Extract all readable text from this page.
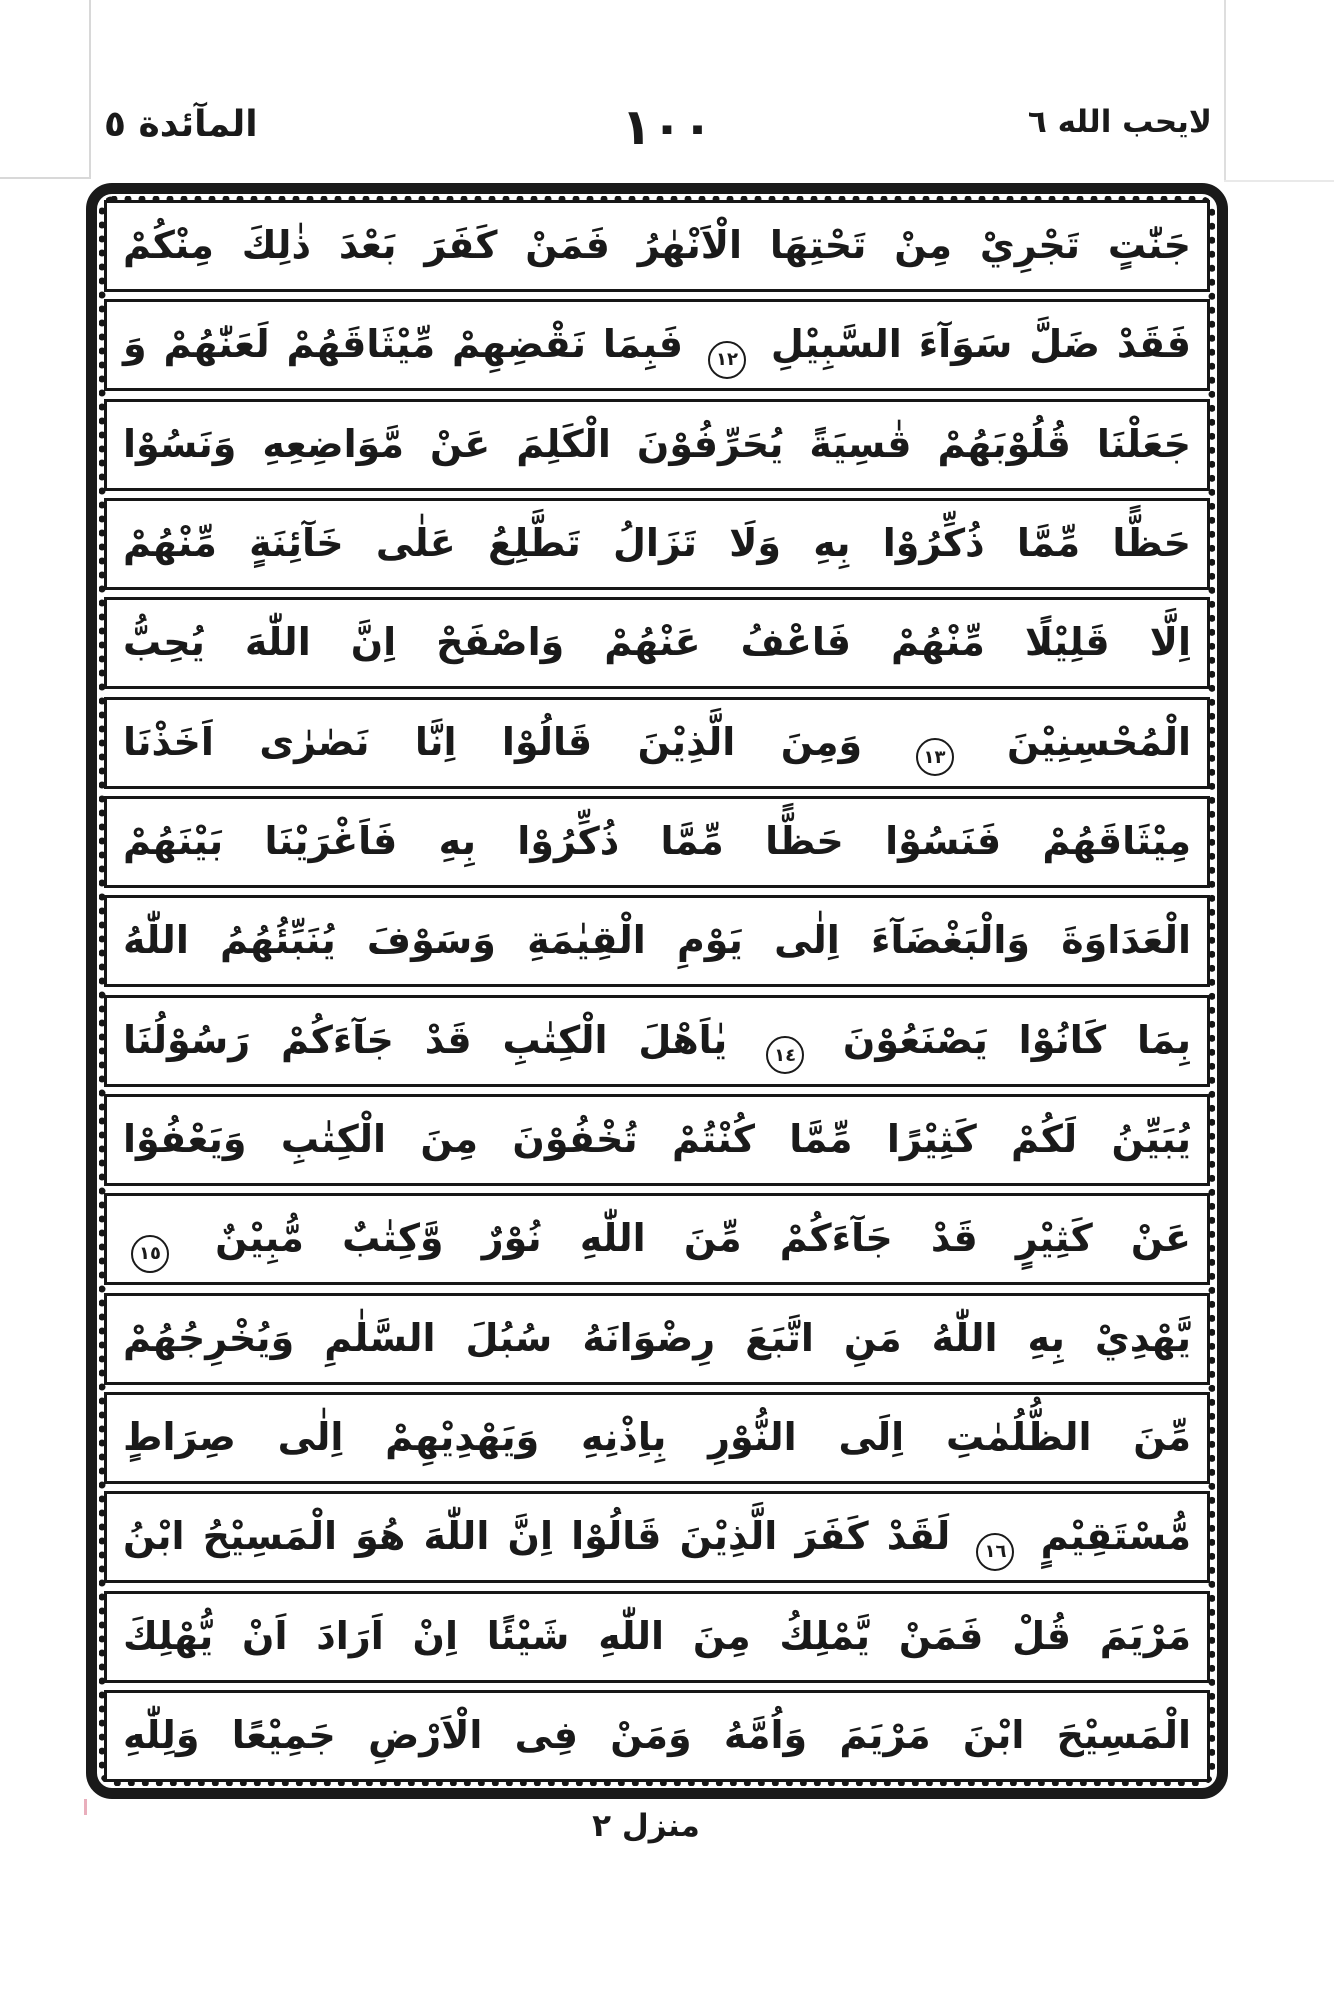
المآئدة ٥	١٠٠	لايحب الله ٦
جَنّٰتٍ تَجْرِيْ مِنْ تَحْتِهَا الْاَنْهٰرُ فَمَنْ كَفَرَ بَعْدَ ذٰلِكَ مِنْكُمْ
فَقَدْ ضَلَّ سَوَآءَ السَّبِيْلِ ١٢ فَبِمَا نَقْضِهِمْ مِّيْثَاقَهُمْ لَعَنّٰهُمْ وَ
جَعَلْنَا قُلُوْبَهُمْ قٰسِيَةً يُحَرِّفُوْنَ الْكَلِمَ عَنْ مَّوَاضِعِهِ وَنَسُوْا
حَظًّا مِّمَّا ذُكِّرُوْا بِهِ وَلَا تَزَالُ تَطَّلِعُ عَلٰى خَآئِنَةٍ مِّنْهُمْ
اِلَّا قَلِيْلًا مِّنْهُمْ فَاعْفُ عَنْهُمْ وَاصْفَحْ اِنَّ اللّٰهَ يُحِبُّ
الْمُحْسِنِيْنَ ١٣ وَمِنَ الَّذِيْنَ قَالُوْا اِنَّا نَصٰرٰى اَخَذْنَا
مِيْثَاقَهُمْ فَنَسُوْا حَظًّا مِّمَّا ذُكِّرُوْا بِهِ فَاَغْرَيْنَا بَيْنَهُمْ
الْعَدَاوَةَ وَالْبَغْضَآءَ اِلٰى يَوْمِ الْقِيٰمَةِ وَسَوْفَ يُنَبِّئُهُمُ اللّٰهُ
بِمَا كَانُوْا يَصْنَعُوْنَ ١٤ يٰاَهْلَ الْكِتٰبِ قَدْ جَآءَكُمْ رَسُوْلُنَا
يُبَيِّنُ لَكُمْ كَثِيْرًا مِّمَّا كُنْتُمْ تُخْفُوْنَ مِنَ الْكِتٰبِ وَيَعْفُوْا
عَنْ كَثِيْرٍ قَدْ جَآءَكُمْ مِّنَ اللّٰهِ نُوْرٌ وَّكِتٰبٌ مُّبِيْنٌ ١٥
يَّهْدِيْ بِهِ اللّٰهُ مَنِ اتَّبَعَ رِضْوَانَهُ سُبُلَ السَّلٰمِ وَيُخْرِجُهُمْ
مِّنَ الظُّلُمٰتِ اِلَى النُّوْرِ بِاِذْنِهِ وَيَهْدِيْهِمْ اِلٰى صِرَاطٍ
مُّسْتَقِيْمٍ ١٦ لَقَدْ كَفَرَ الَّذِيْنَ قَالُوْا اِنَّ اللّٰهَ هُوَ الْمَسِيْحُ ابْنُ
مَرْيَمَ قُلْ فَمَنْ يَّمْلِكُ مِنَ اللّٰهِ شَيْئًا اِنْ اَرَادَ اَنْ يُّهْلِكَ
الْمَسِيْحَ ابْنَ مَرْيَمَ وَاُمَّهُ وَمَنْ فِى الْاَرْضِ جَمِيْعًا وَلِلّٰهِ
منزل ٢
